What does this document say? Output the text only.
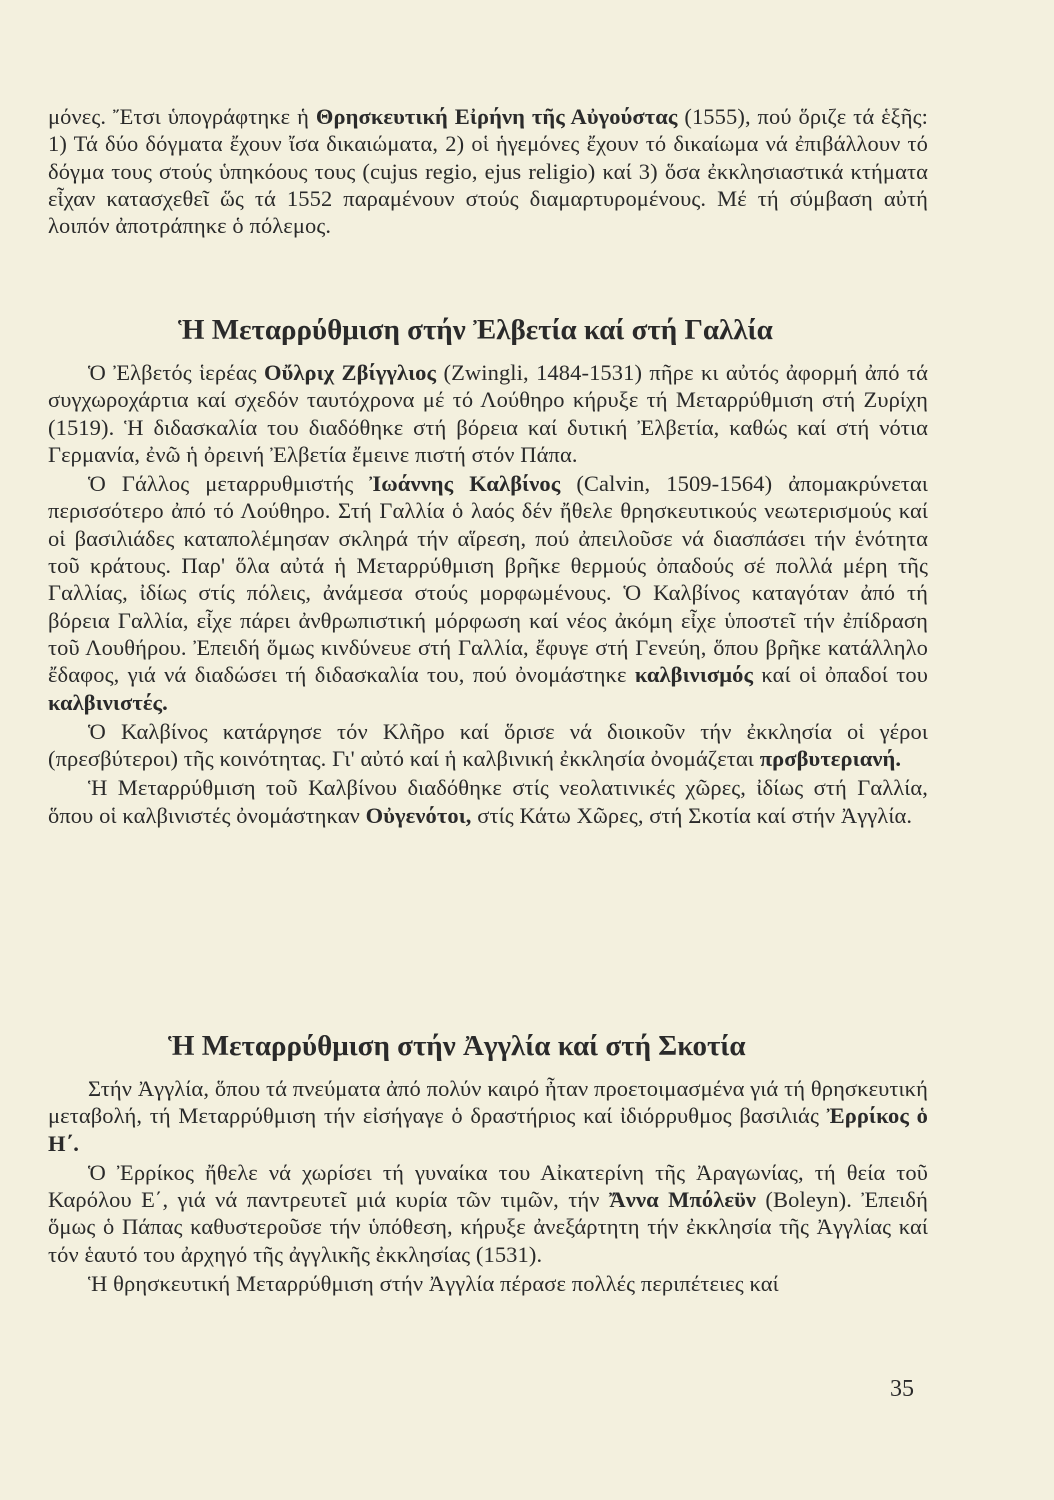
μόνες. Ἔτσι ὑπογράφτηκε ἡ Θρησκευτική Εἰρήνη τῆς Αὐγούστας (1555), πού ὅριζε τά ἑξῆς: 1) Τά δύο δόγματα ἔχουν ἴσα δικαιώματα, 2) οἱ ἡγεμόνες ἔχουν τό δικαίωμα νά ἐπιβάλλουν τό δόγμα τους στούς ὑπηκόους τους (cujus regio, ejus religio) καί 3) ὅσα ἐκκλησιαστικά κτήματα εἶχαν κατασχεθεῖ ὥς τά 1552 παραμένουν στούς διαμαρτυρομένους. Μέ τή σύμβαση αὐτή λοιπόν ἀποτράπηκε ὁ πόλεμος.

Ἡ Μεταρρύθμιση στήν Ἐλβετία καί στή Γαλλία

Ὁ Ἐλβετός ἱερέας Οὔλριχ Ζβίγγλιος (Zwingli, 1484-1531) πῆρε κι αὐτός ἀφορμή ἀπό τά συγχωροχάρτια καί σχεδόν ταυτόχρονα μέ τό Λούθηρο κήρυξε τή Μεταρρύθμιση στή Ζυρίχη (1519). Ἡ διδασκαλία του διαδόθηκε στή βόρεια καί δυτική Ἐλβετία, καθώς καί στή νότια Γερμανία, ἐνῶ ἡ ὀρεινή Ἐλβετία ἔμεινε πιστή στόν Πάπα.

Ὁ Γάλλος μεταρρυθμιστής Ἰωάννης Καλβίνος (Calvin, 1509-1564) ἀπομακρύνεται περισσότερο ἀπό τό Λούθηρο. Στή Γαλλία ὁ λαός δέν ἤθελε θρησκευτικούς νεωτερισμούς καί οἱ βασιλιάδες καταπολέμησαν σκληρά τήν αἵρεση, πού ἀπειλοῦσε νά διασπάσει τήν ἑνότητα τοῦ κράτους. Παρ' ὅλα αὐτά ἡ Μεταρρύθμιση βρῆκε θερμούς ὀπαδούς σέ πολλά μέρη τῆς Γαλλίας, ἰδίως στίς πόλεις, ἀνάμεσα στούς μορφωμένους. Ὁ Καλβίνος καταγόταν ἀπό τή βόρεια Γαλλία, εἶχε πάρει ἀνθρωπιστική μόρφωση καί νέος ἀκόμη εἶχε ὑποστεῖ τήν ἐπίδραση τοῦ Λουθήρου. Ἐπειδή ὅμως κινδύνευε στή Γαλλία, ἔφυγε στή Γενεύη, ὅπου βρῆκε κατάλληλο ἔδαφος, γιά νά διαδώσει τή διδασκαλία του, πού ὀνομάστηκε καλβινισμός καί οἱ ὀπαδοί του καλβινιστές.

Ὁ Καλβίνος κατάργησε τόν Κλῆρο καί ὅρισε νά διοικοῦν τήν ἐκκλησία οἱ γέροι (πρεσβύτεροι) τῆς κοινότητας. Γι' αὐτό καί ἡ καλβινική ἐκκλησία ὀνομάζεται πρσβυτεριανή.

Ἡ Μεταρρύθμιση τοῦ Καλβίνου διαδόθηκε στίς νεολατινικές χῶρες, ἰδίως στή Γαλλία, ὅπου οἱ καλβινιστές ὀνομάστηκαν Οὐγενότοι, στίς Κάτω Χῶρες, στή Σκοτία καί στήν Ἀγγλία.

Ἡ Μεταρρύθμιση στήν Ἀγγλία καί στή Σκοτία

Στήν Ἀγγλία, ὅπου τά πνεύματα ἀπό πολύν καιρό ἦταν προετοιμασμένα γιά τή θρησκευτική μεταβολή, τή Μεταρρύθμιση τήν εἰσήγαγε ὁ δραστήριος καί ἰδιόρρυθμος βασιλιάς Ἐρρίκος ὁ Η΄.

Ὁ Ἐρρίκος ἤθελε νά χωρίσει τή γυναίκα του Αἰκατερίνη τῆς Ἀραγωνίας, τή θεία τοῦ Καρόλου Ε΄, γιά νά παντρευτεῖ μιά κυρία τῶν τιμῶν, τήν Ἄννα Μπόλεϋν (Boleyn). Ἐπειδή ὅμως ὁ Πάπας καθυστεροῦσε τήν ὑπόθεση, κήρυξε ἀνεξάρτητη τήν ἐκκλησία τῆς Ἀγγλίας καί τόν ἑαυτό του ἀρχηγό τῆς ἀγγλικῆς ἐκκλησίας (1531).

Ἡ θρησκευτική Μεταρρύθμιση στήν Ἀγγλία πέρασε πολλές περιπέτειες καί

35
